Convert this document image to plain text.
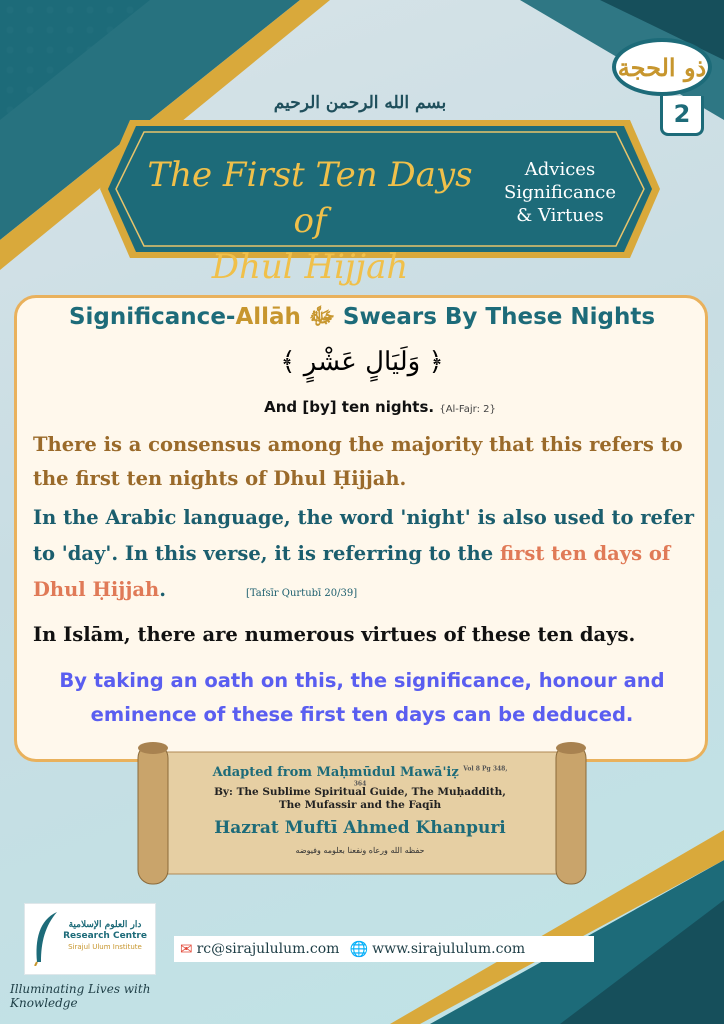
بسم الله الرحمن الرحيم
The First Ten Days of
Dhul Hijjah
Advices
Significance
& Virtues
ذو الحجة
2
Significance-Allāh ﷻ Swears By These Nights
﴿ وَلَيَالٍ عَشْرٍ ﴾
And [by] ten nights. {Al-Fajr: 2}
There is a consensus among the majority that this refers to the first ten nights of Dhul Ḥijjah.
In the Arabic language, the word 'night' is also used to refer to 'day'. In this verse, it is referring to the first ten days of Dhul Ḥijjah.	[Tafsīr Qurtubī 20/39]
In Islām, there are numerous virtues of these ten days.
By taking an oath on this, the significance, honour and eminence of these first ten days can be deduced.
Adapted from Maḥmūdul Mawā'iẓ $^{Vol 8 Pg 348, 364}$
By: The Sublime Spiritual Guide, The Muḥaddith,
The Mufassir and the Faqīh
Hazrat Muftī Ahmed Khanpuri
حفظه الله ورعاه ونفعنا بعلومه وفيوضه
دار العلوم الإسلامية
Research Centre
Sirajul Ulum Institute
Illuminating Lives with Knowledge
✉ rc@sirajululum.com 🌐 www.sirajululum.com
